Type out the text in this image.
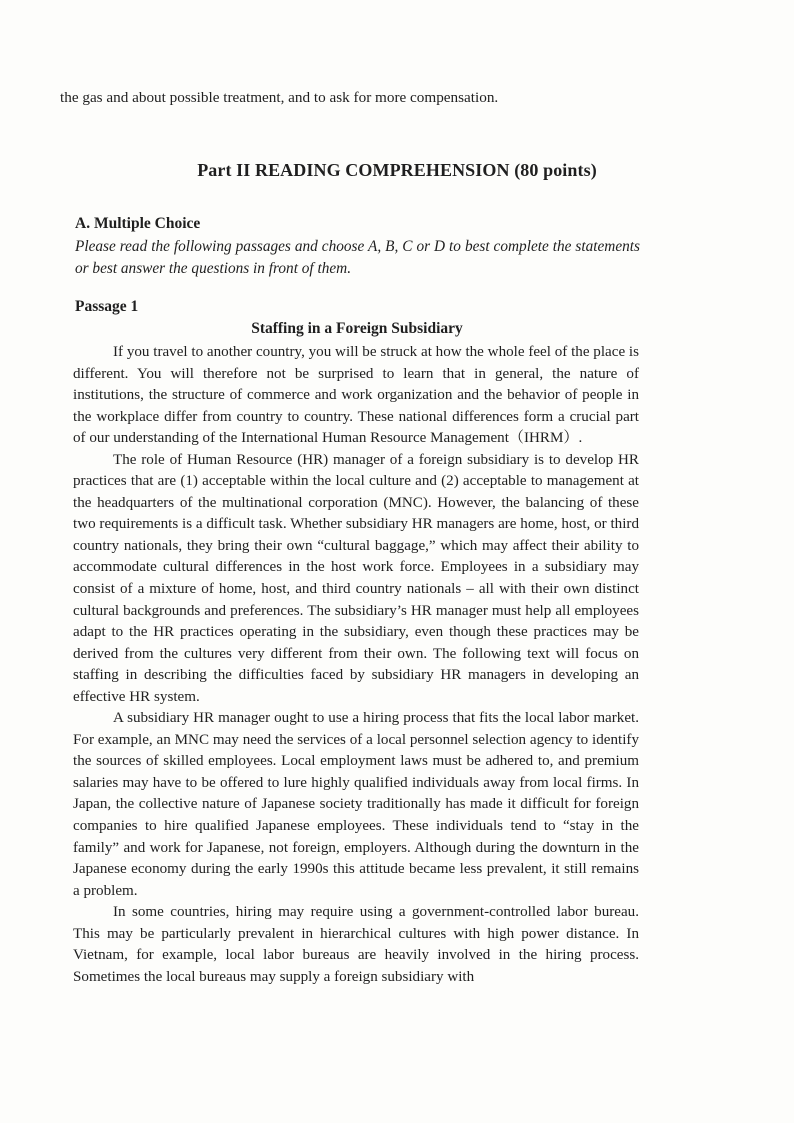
the gas and about possible treatment, and to ask for more compensation.
Part II READING COMPREHENSION (80 points)
A. Multiple Choice
Please read the following passages and choose A, B, C or D to best complete the statements or best answer the questions in front of them.
Passage 1
Staffing in a Foreign Subsidiary

If you travel to another country, you will be struck at how the whole feel of the place is different. You will therefore not be surprised to learn that in general, the nature of institutions, the structure of commerce and work organization and the behavior of people in the workplace differ from country to country. These national differences form a crucial part of our understanding of the International Human Resource Management（IHRM）.

The role of Human Resource (HR) manager of a foreign subsidiary is to develop HR practices that are (1) acceptable within the local culture and (2) acceptable to management at the headquarters of the multinational corporation (MNC). However, the balancing of these two requirements is a difficult task. Whether subsidiary HR managers are home, host, or third country nationals, they bring their own “cultural baggage,” which may affect their ability to accommodate cultural differences in the host work force. Employees in a subsidiary may consist of a mixture of home, host, and third country nationals – all with their own distinct cultural backgrounds and preferences. The subsidiary’s HR manager must help all employees adapt to the HR practices operating in the subsidiary, even though these practices may be derived from the cultures very different from their own. The following text will focus on staffing in describing the difficulties faced by subsidiary HR managers in developing an effective HR system.

A subsidiary HR manager ought to use a hiring process that fits the local labor market. For example, an MNC may need the services of a local personnel selection agency to identify the sources of skilled employees. Local employment laws must be adhered to, and premium salaries may have to be offered to lure highly qualified individuals away from local firms. In Japan, the collective nature of Japanese society traditionally has made it difficult for foreign companies to hire qualified Japanese employees. These individuals tend to “stay in the family” and work for Japanese, not foreign, employers. Although during the downturn in the Japanese economy during the early 1990s this attitude became less prevalent, it still remains a problem.

In some countries, hiring may require using a government-controlled labor bureau. This may be particularly prevalent in hierarchical cultures with high power distance. In Vietnam, for example, local labor bureaus are heavily involved in the hiring process. Sometimes the local bureaus may supply a foreign subsidiary with
